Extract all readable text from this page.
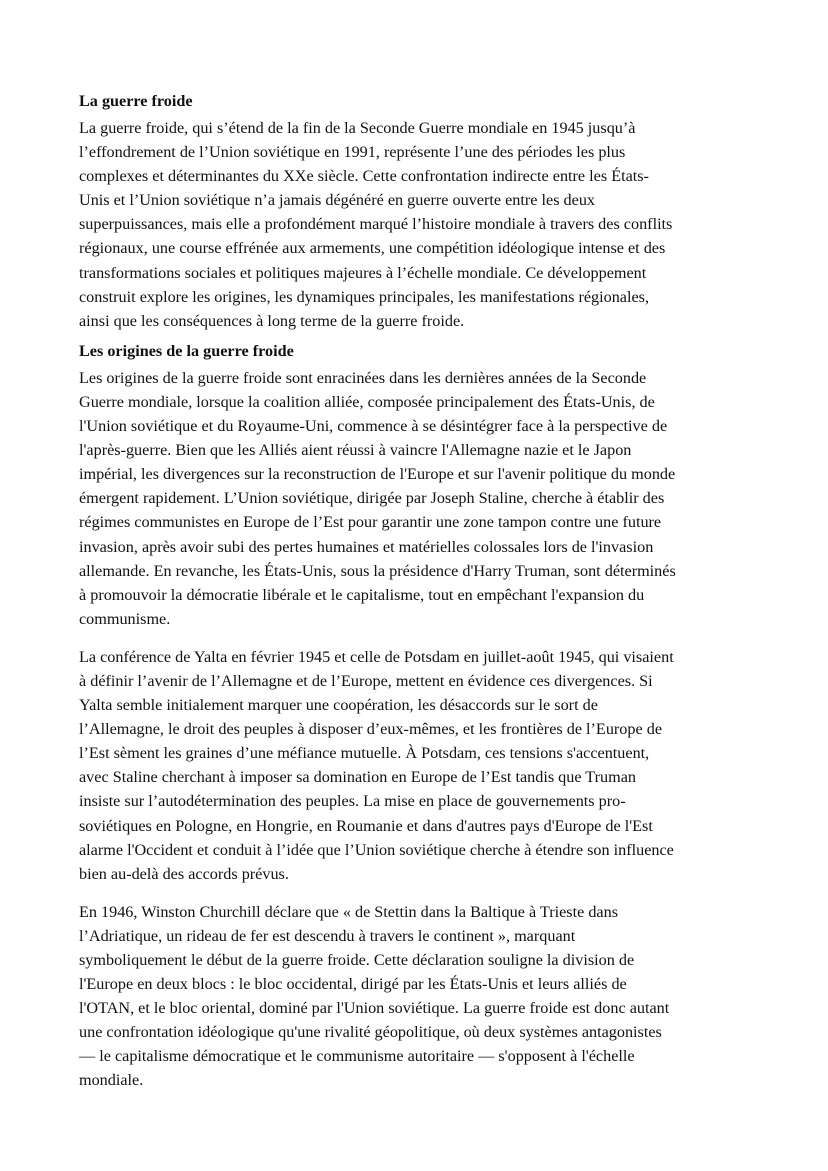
La guerre froide

La guerre froide, qui s’étend de la fin de la Seconde Guerre mondiale en 1945 jusqu’à
l’effondrement de l’Union soviétique en 1991, représente l’une des périodes les plus
complexes et déterminantes du XXe siècle. Cette confrontation indirecte entre les États-
Unis et l’Union soviétique n’a jamais dégénéré en guerre ouverte entre les deux
superpuissances, mais elle a profondément marqué l’histoire mondiale à travers des conflits
régionaux, une course effrénée aux armements, une compétition idéologique intense et des
transformations sociales et politiques majeures à l’échelle mondiale. Ce développement
construit explore les origines, les dynamiques principales, les manifestations régionales,
ainsi que les conséquences à long terme de la guerre froide.

Les origines de la guerre froide

Les origines de la guerre froide sont enracinées dans les dernières années de la Seconde
Guerre mondiale, lorsque la coalition alliée, composée principalement des États-Unis, de
l'Union soviétique et du Royaume-Uni, commence à se désintégrer face à la perspective de
l'après-guerre. Bien que les Alliés aient réussi à vaincre l'Allemagne nazie et le Japon
impérial, les divergences sur la reconstruction de l'Europe et sur l'avenir politique du monde
émergent rapidement. L’Union soviétique, dirigée par Joseph Staline, cherche à établir des
régimes communistes en Europe de l’Est pour garantir une zone tampon contre une future
invasion, après avoir subi des pertes humaines et matérielles colossales lors de l'invasion
allemande. En revanche, les États-Unis, sous la présidence d'Harry Truman, sont déterminés
à promouvoir la démocratie libérale et le capitalisme, tout en empêchant l'expansion du
communisme.

La conférence de Yalta en février 1945 et celle de Potsdam en juillet-août 1945, qui visaient
à définir l’avenir de l’Allemagne et de l’Europe, mettent en évidence ces divergences. Si
Yalta semble initialement marquer une coopération, les désaccords sur le sort de
l’Allemagne, le droit des peuples à disposer d’eux-mêmes, et les frontières de l’Europe de
l’Est sèment les graines d’une méfiance mutuelle. À Potsdam, ces tensions s'accentuent,
avec Staline cherchant à imposer sa domination en Europe de l’Est tandis que Truman
insiste sur l’autodétermination des peuples. La mise en place de gouvernements pro-
soviétiques en Pologne, en Hongrie, en Roumanie et dans d'autres pays d'Europe de l'Est
alarme l'Occident et conduit à l’idée que l’Union soviétique cherche à étendre son influence
bien au-delà des accords prévus.

En 1946, Winston Churchill déclare que « de Stettin dans la Baltique à Trieste dans
l’Adriatique, un rideau de fer est descendu à travers le continent », marquant
symboliquement le début de la guerre froide. Cette déclaration souligne la division de
l'Europe en deux blocs : le bloc occidental, dirigé par les États-Unis et leurs alliés de
l'OTAN, et le bloc oriental, dominé par l'Union soviétique. La guerre froide est donc autant
une confrontation idéologique qu'une rivalité géopolitique, où deux systèmes antagonistes
— le capitalisme démocratique et le communisme autoritaire — s'opposent à l'échelle
mondiale.
